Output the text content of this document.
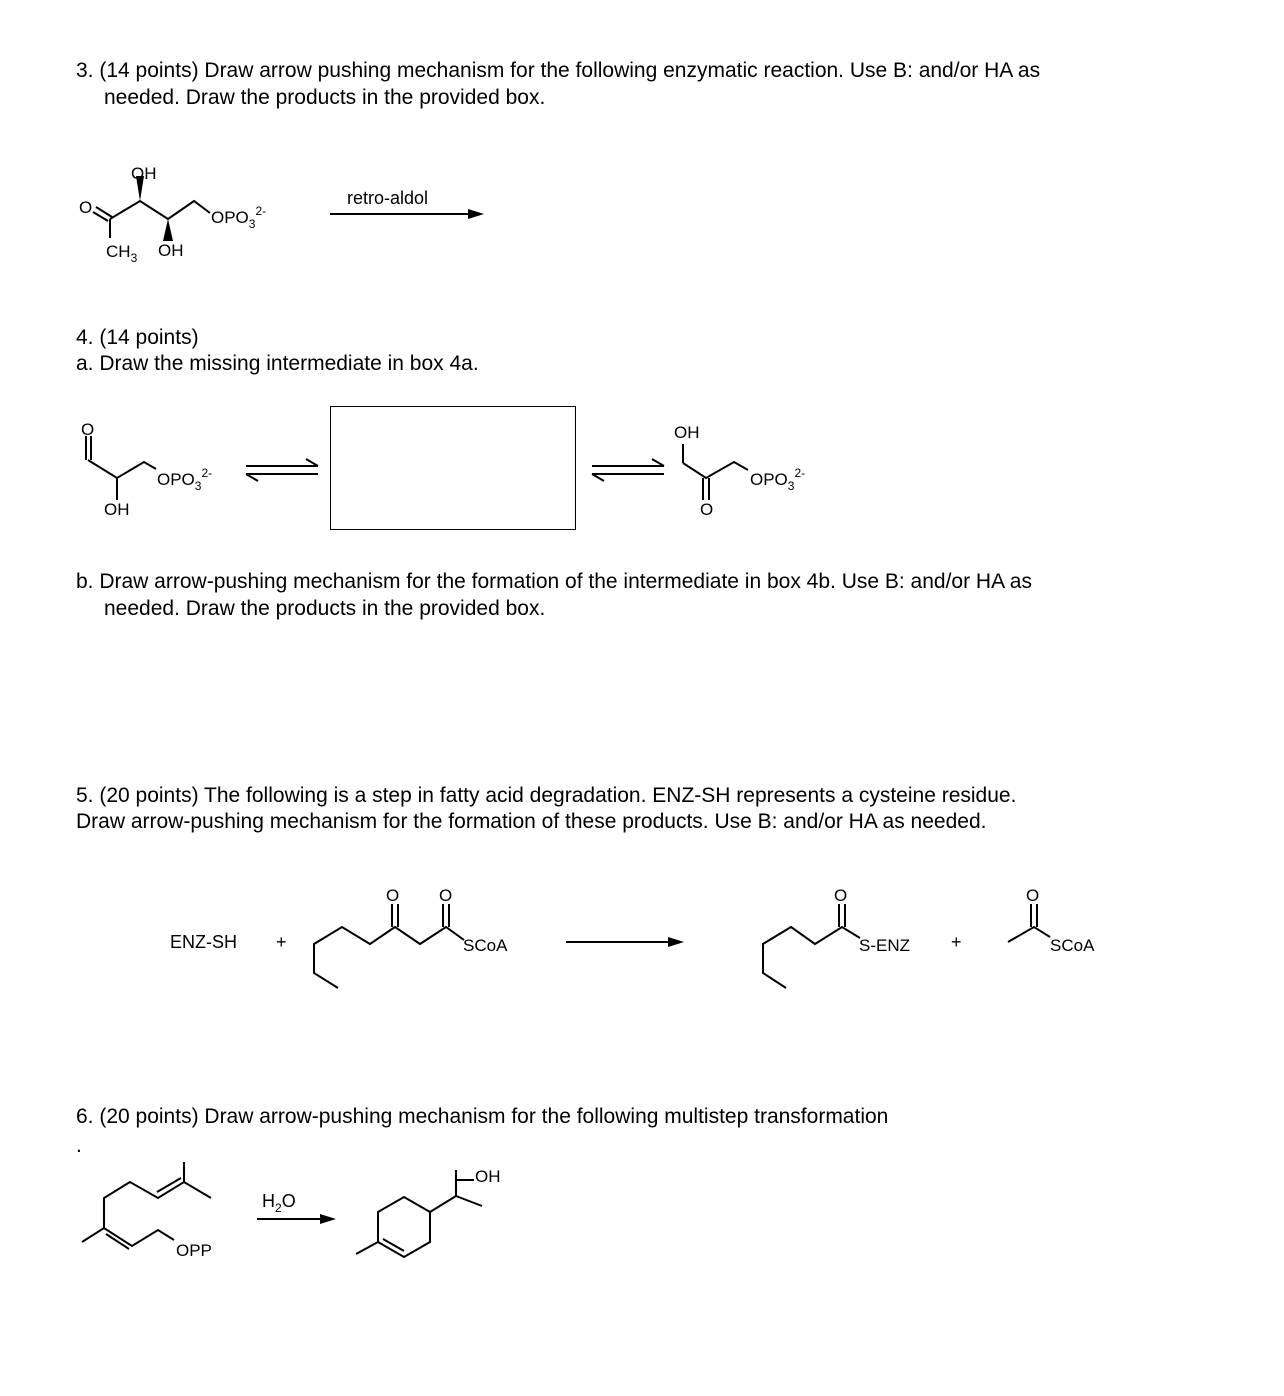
3. (14 points) Draw arrow pushing mechanism for the following enzymatic reaction. Use B: and/or HA as

needed. Draw the products in the provided box.

OH
O
$CH_3$ OH
$OPO_3^{2-}$
retro-aldol

4. (14 points)

a. Draw the missing intermediate in box 4a.

O
OH
$OPO_3^{2-}$
OH
O
$OPO_3^{2-}$

b. Draw arrow-pushing mechanism for the formation of the intermediate in box 4b. Use B: and/or HA as

needed. Draw the products in the provided box.

5. (20 points) The following is a step in fatty acid degradation. ENZ-SH represents a cysteine residue.

Draw arrow-pushing mechanism for the formation of these products. Use B: and/or HA as needed.

ENZ-SH +
O O
SCoA
O
S-ENZ +
O
SCoA

6. (20 points) Draw arrow-pushing mechanism for the following multistep transformation

.

$H_2O$
OPP
OH
